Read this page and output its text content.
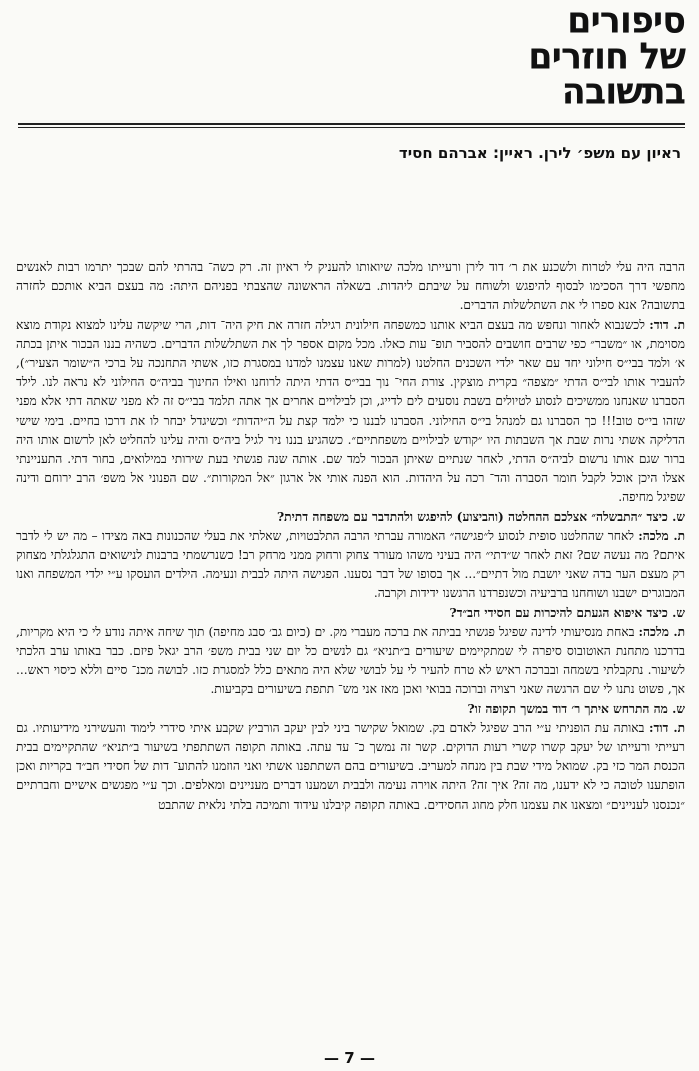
סיפורים
של חוזרים
בתשובה
ראיון עם משפ׳ לירן. ראיין: אברהם חסיד

הרבה היה עלי לטרוח ולשכנע את ר׳ דוד לירן ורעייתו מלכה שיואותו להעניק לי ראיון זה. רק כשה־ בהרתי להם שבכך יתרמו רבות לאנשים מחפשי דרך הסכימו לבסוף להיפגש ולשוחח על שיבתם ליהדות. בשאלה הראשונה שהצבתי בפניהם היתה: מה בעצם הביא אותכם לחזרה בתשובה? אנא ספרו לי את השתלשלות הדברים.

ת. דוד: לכשנבוא לאחור ונחפש מה בעצם הביא אותנו כמשפחה חילונית רגילה חזרה את חיק היה־ דות, הרי שיקשה עלינו למצוא נקודת מוצא מסוימת, או ״משבר״ כפי שרבים חושבים להסביר תופ־ עות כאלו. מכל מקום אספר לך את השתלשלות הדברים. כשהיה בננו הבכור איתן בכתה א׳ ולמד בבי״ס חילוני יחד עם שאר ילדי השכנים החלטנו (למרות שאנו עצמנו למדנו במסגרת כזו, אשתי התחנכה על ברכי ה״שומר הצעיר״), להעביר אותו לבי״ס הדתי ״מצפה״ בקרית מוצקין. צורת החי־ נוך בבי״ס הדתי היתה לרוחנו ואילו החינוך בביה״ס החילוני לא נראה לנו. לילד הסברנו שאנחנו ממשיכים לנסוע לטיולים בשבת נוסעים לים לדייג, וכן לבילויים אחרים אך אתה תלמד בבי״ס זה לא מפני שאתה דתי אלא מפני שזהו בי״ס טוב!!! כך הסברנו גם למנהל בי״ס החילוני. הסברנו לבננו כי ילמד קצת על ה״יהדות״ וכשיגדל יבחר לו את דרכו בחיים. בימי שישי הדליקה אשתי נרות שבת אך השבתות היו ״קודש לבילויים משפחתיים״. כשהגיע בננו ניר לגיל ביה״ס והיה עלינו להחליט לאן לרשום אותו היה ברור שגם אותו נרשום לביה״ס הדתי, לאחר שנתיים שאיתן הבכור למד שם. אותה שנה פגשתי בעת שירותי במילואים, בחור דתי. התעניינתי אצלו היכן אוכל לקבל חומר הסברה והד־ רכה על היהדות. הוא הפנה אותי אל ארגון ״אל המקורות״. שם הפנוני אל משפ׳ הרב ירוחם ודינה שפיגל מחיפה.

ש. כיצד ״התבשלה״ אצלכם ההחלטה (והביצוע) להיפגש ולהתדבר עם משפחה דתית?

ת. מלכה: לאחר שהחלטנו סופית לנסוע ל״פגישה״ האמורה עברתי הרבה התלבטויות, שאלתי את בעלי שהכנונות באה מצידו – מה יש לי לדבר איתם? מה נעשה שם? זאת לאחר ש״דתי״ היה בעיני משהו מעורר צחוק ורחוק ממני מרחק רב! כשנרשמתי ברבנות לנישואים התגלגלתי מצחוק רק מעצם הער בדה שאני יושבת מול דתיים״... אך בסופו של דבר נסענו. הפגישה היתה לבבית ונעימה. הילדים הועסקו ע״י ילדי המשפחה ואנו המבוגרים ישבנו ושוחחנו ברביעיה וכשנפרדנו הרגשנו ידידות וקרבה.

ש. כיצד איפוא הגעתם להיכרות עם חסידי חב״ד?

ת. מלכה: באחת מנסיעותי לדינה שפיגל פגשתי בביתה את ברכה מעברי מק. ים (כיום גב׳ סבג מחיפה) תוך שיחה איתה נודע לי כי היא מקריות, בדרכנו מתחנת האוטובוס סיפרה לי שמתקיימים שיעורים ב״תניא״ גם לנשים כל יום שני בבית משפ׳ הרב יגאל פיזם. כבר באותו ערב הלכתי לשיעור. נתקבלתי בשמחה ובברכה ראיש לא טרח להעיר לי על לבושי שלא היה מתאים כלל למסגרת כזו. לבושה מכנ־ סיים וללא כיסוי ראש... אך, פשוט נתנו לי שם הרגשה שאני רצויה וברוכה בבואי ואכן מאז אני מש־ תתפת בשיעורים בקביעות.

ש. מה התרחש איתך ר׳ דוד במשך תקופה זו?

ת. דוד: באותה עת הופניתי ע״י הרב שפיגל לאדם בק. שמואל שקישר ביני לבין יעקב הורביץ שקבע איתי סידרי לימוד והעשירני מידיעותיו. גם רעייתי ורעייתו של יעקב קשרו קשרי רעות הדוקים. קשר זה נמשך כ־ עד עתה. באותה תקופה השתתפתי בשיעור ב״תניא״ שהתקיימים בבית הכנסת המר כזי בק. שמואל מידי שבת בין מנחה למעריב. בשיעורים בהם השתתפנו אשתי ואני הוזמנו להתוע־ דות של חסידי חב״ד בקריות ואכן הופתענו לטובה כי לא ידענו, מה זה? איך זה? היתה אוירה נעימה ולבבית ושמענו דברים מעניינים ומאלפים. וכך ע״י מפגשים אישיים וחברתיים ״נכנסנו לעניינים״ ומצאנו את עצמנו חלק מחוג החסידים. באותה תקופה קיבלנו עידוד ותמיכה בלתי נלאית שהתבט

— 7 —
